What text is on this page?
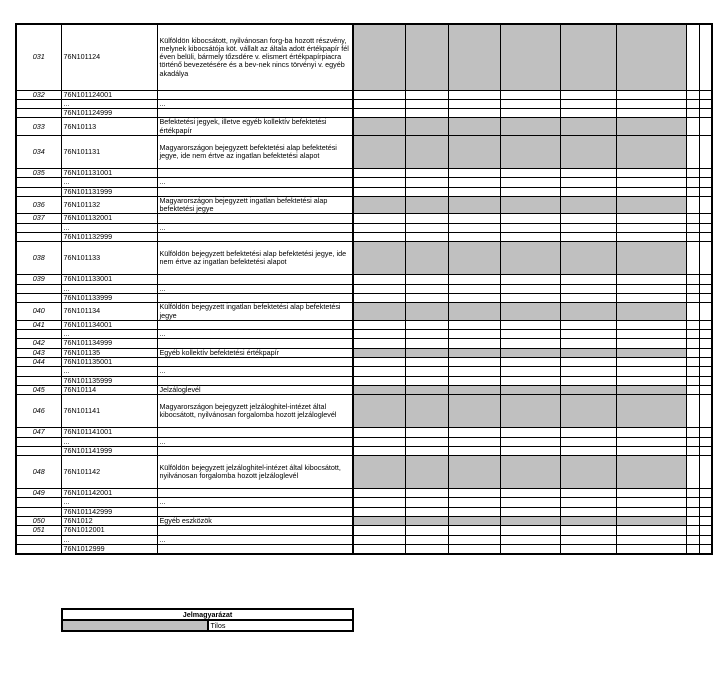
031	76N101124	Külföldön kibocsátott, nyilvánosan forg-ba hozott részvény, melynek kibocsátója köt. vállalt az általa adott értékpapír fél éven belüli, bármely tőzsdére v. elismert értékpapírpiacra történő bevezetésére és a bev-nek nincs törvényi v. egyéb akadálya								
032	76N101124001									
	...	...								
	76N101124999									
033	76N10113	Befektetési jegyek, illetve egyéb kollektív befektetési értékpapír								
034	76N101131	Magyarországon bejegyzett befektetési alap befektetési jegye, ide nem értve az ingatlan befektetési alapot								
035	76N101131001									
	...	...								
	76N101131999									
036	76N101132	Magyarországon bejegyzett ingatlan befektetési alap befektetési jegye								
037	76N101132001									
	...	...								
	76N101132999									
038	76N101133	Külföldön bejegyzett befektetési alap befektetési jegye, ide nem értve az ingatlan befektetési alapot								
039	76N101133001									
	...	...								
	76N101133999									
040	76N101134	Külföldön bejegyzett ingatlan befektetési alap befektetési jegye								
041	76N101134001									
	...	...								
042	76N101134999									
043	76N101135	Egyéb kollektív befektetési értékpapír								
044	76N101135001									
	...	...								
	76N101135999									
045	76N10114	Jelzáloglevél								
046	76N101141	Magyarországon bejegyzett jelzáloghitel-intézet által kibocsátott, nyilvánosan forgalomba hozott jelzáloglevél								
047	76N101141001									
	...	...								
	76N101141999									
048	76N101142	Külföldön bejegyzett jelzáloghitel-intézet által kibocsátott, nyilvánosan forgalomba hozott jelzáloglevél								
049	76N101142001									
	...	...								
	76N101142999									
050	76N1012	Egyéb eszközök								
051	76N1012001									
	...	...								
	76N1012999									
Jelmagyarázat
	Tilos
